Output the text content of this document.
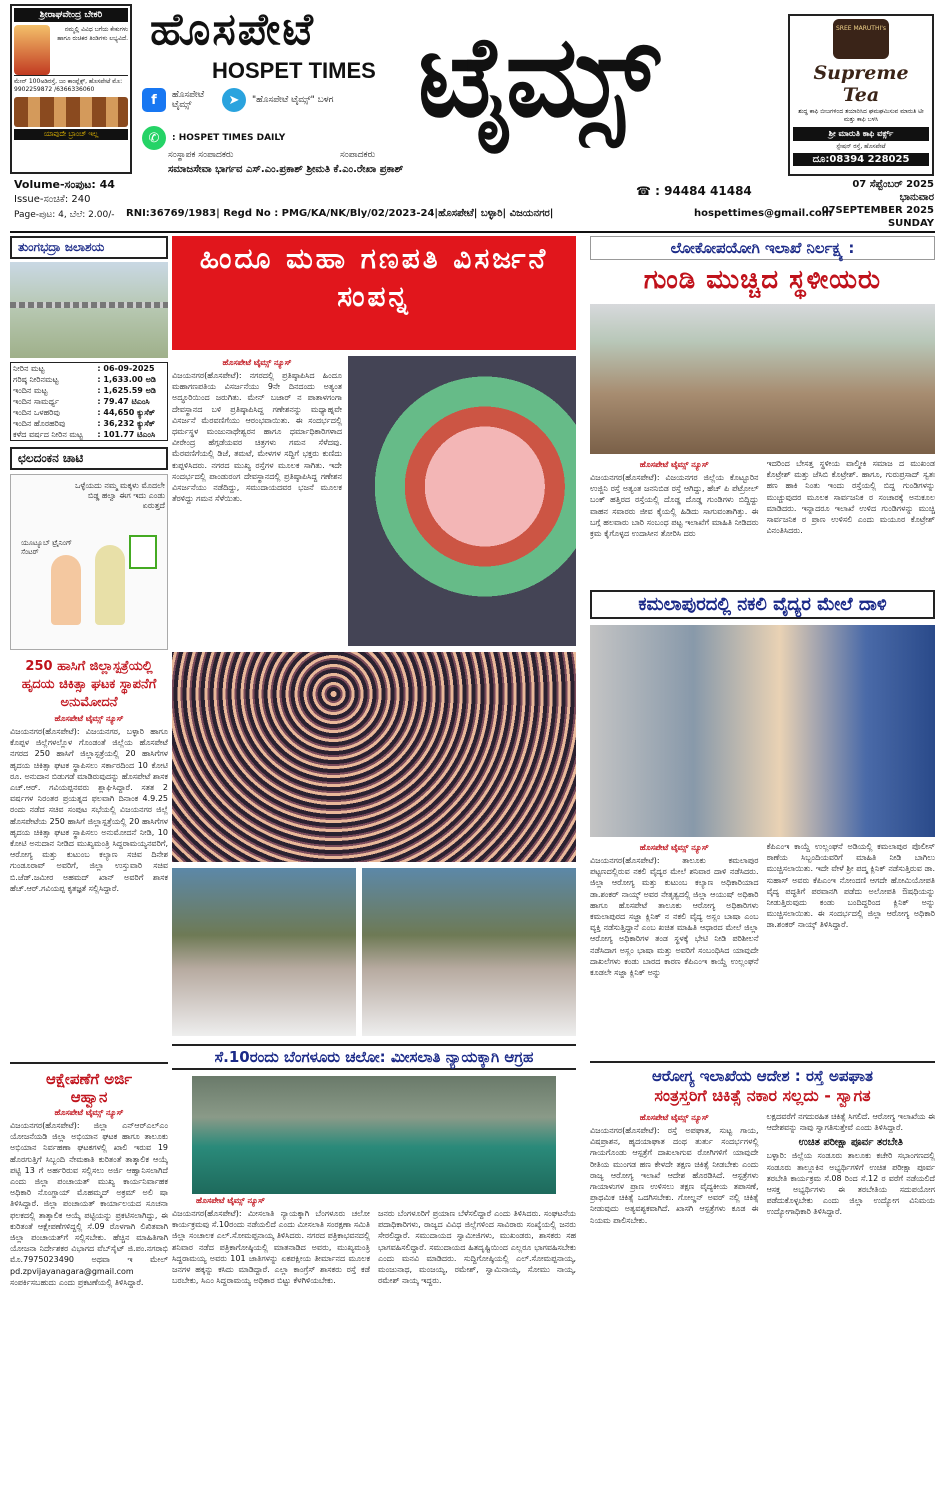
ಶ್ರೀರಾಘವೇಂದ್ರ ಬೇಕರಿ
ನಮ್ಮಲ್ಲಿ ವಿವಿಧ ಬಗೆಯ ಕೇಕುಗಳು ಹಾಗೂ ರುಚಿಕರ ತಿಂಡಿಗಳು ಲಭ್ಯವಿದೆ.
ಮೇನ್ 100ಅಡಿರಸ್ತೆ, ಜಂ ಕಾಂಪ್ಲೆಕ್ಸ್, ಹೊಸಪೇಟೆ ಮೊ: 9902259872 /6366336060
ಯಾವುದೇ ಬ್ರಾಂಚ್ ಇಲ್ಲ
ಹೊಸಪೇಟೆ
HOSPET TIMES ಟೈಮ್ಸ್
f	ಹೊಸಪೇಟೆ ಟೈಮ್ಸ್	➤	"ಹೊಸಪೇಟೆ ಟೈಮ್ಸ್" ಬಳಗ
✆	: HOSPET TIMES DAILY
ಸಂಸ್ಥಾಪಕ ಸಂಪಾದಕರು	ಸಂಪಾದಕರು
ಸಮಾಜಸೇವಾ ಭಾರ್ಗವ ಎಸ್.ಎಂ.ಪ್ರಕಾಶ್ ಶ್ರೀಮತಿ ಕೆ.ಎಂ.ರೇಖಾ ಪ್ರಕಾಶ್
SREE MARUTHI's
Supreme Tea
ಶುದ್ಧ ಕಾಫಿ ಬೀಜಗಳಿಂದ ತಯಾರಿಸಿದ ಘಮಘಮಿಸುವ ಮಾರುತಿ ಟೀ ಮತ್ತು ಕಾಫಿ ಬಳಸಿ
ಶ್ರೀ ಮಾರುತಿ ಕಾಫಿ ವರ್ಕ್ಸ್
ಸ್ಟೇಷನ್ ರಸ್ತೆ, ಹೊಸಪೇಟೆ
ದೂ:08394 228025
Volume-ಸಂಪುಟ: 44
Issue-ಸಂಚಿಕೆ: 240
Page-ಪುಟ: 4, ಬೆಲೆ: 2.00/- RNI:36769/1983| Regd No : PMG/KA/NK/Bly/02/2023-24|ಹೊಸಪೇಟೆ| ಬಳ್ಳಾರಿ| ವಿಜಯನಗರ|
☎ : 94484 41484
hospettimes@gmail.com
07 ಸೆಪ್ಟೆಂಬರ್ 2025
ಭಾನುವಾರ
07SEPTEMBER 2025
SUNDAY
ತುಂಗಭದ್ರಾ ಜಲಾಶಯ
ನೀರಿನ ಮಟ್ಟ	: 06-09-2025
ಗರಿಷ್ಠ ನೀರಿನಮಟ್ಟ	: 1,633.00 ಅಡಿ
ಇಂದಿನ ಮಟ್ಟ	: 1,625.59 ಅಡಿ
ಇಂದಿನ ಸಾಮರ್ಥ್ಯ	: 79.47 ಟಿಎಂಸಿ
ಇಂದಿನ ಒಳಹರಿವು	: 44,650 ಕ್ಯುಸೆಕ್
ಇಂದಿನ ಹೊರಹರಿವು	: 36,232 ಕ್ಯುಸೆಕ್
ಕಳೆದ ವರ್ಷದ ನೀರಿನ ಮಟ್ಟ	: 101.77 ಟಿಎಂಸಿ
ಛಲದಂಕನ ಚಾಟಿ
ಒಳ್ಳೆಯದು ನಮ್ಮ ಮಕ್ಕಳು ಮೊದಲೇ ಬಿಡ್ಡ ಹಲ್ವಾ ಈಗ ಇದು ಎಂಡು ಏರುತ್ತದೆ
ಯೂಟ್ಯೂಬ್ ಟ್ರೈನಿಂಗ್ ಸೆಂಟರ್
250 ಹಾಸಿಗೆ ಜಿಲ್ಲಾಸ್ಪತ್ರೆಯಲ್ಲಿ ಹೃದಯ ಚಿಕಿತ್ಸಾ ಘಟಕ ಸ್ಥಾಪನೆಗೆ ಅನುಮೋದನೆ
ಹೊಸಪೇಟೆ ಟೈಮ್ಸ್ ನ್ಯೂಸ್
ವಿಜಯನಗರ(ಹೊಸಪೇಟೆ): ವಿಜಯನಗರ, ಬಳ್ಳಾರಿ ಹಾಗೂ ಕೊಪ್ಪಳ ಜಿಲ್ಲೆಗಳಲ್ಲೊಳ ಗೊಂಡಂತೆ ಜಿಲ್ಲೆಯ ಹೊಸಪೇಟೆ ನಗರದ 250 ಹಾಸಿಗೆ ಜಿಲ್ಲಾಸ್ಪತ್ರೆಯಲ್ಲಿ 20 ಹಾಸಿಗೆಗಳ ಹೃದಯ ಚಿಕಿತ್ಸಾ ಘಟಕ ಸ್ಥಾಪಿಸಲು ಸರ್ಕಾರದಿಂದ 10 ಕೋಟಿ ರೂ. ಅನುದಾನ ಬಿಡುಗಡೆ ಮಾಡಿರುವುದನ್ನು ಹೊಸಪೇಟೆ ಶಾಸಕ ಎಚ್.ಆರ್. ಗವಿಯಪ್ಪನವರು ಶ್ಲಾಘಿಸಿದ್ದಾರೆ. ಸತತ 2 ವರ್ಷಗಳ ನಿರಂತರ ಪ್ರಯತ್ನದ ಫಲವಾಗಿ ದಿನಾಂಕ 4.9.25 ರಂದು ನಡೆದ ಸಚಿವ ಸಂಪುಟ ಸಭೆಯಲ್ಲಿ ವಿಜಯನಗರ ಜಿಲ್ಲೆ ಹೊಸಪೇಟೆಯ 250 ಹಾಸಿಗೆ ಜಿಲ್ಲಾಸ್ಪತ್ರೆಯಲ್ಲಿ 20 ಹಾಸಿಗೆಗಳ ಹೃದಯ ಚಿಕಿತ್ಸಾ ಘಟಕ ಸ್ಥಾಪಿಸಲು ಅನುಮೋದನೆ ನೀಡಿ, 10 ಕೋಟಿ ಅನುದಾನ ನೀಡಿದ ಮುಖ್ಯಮಂತ್ರಿ ಸಿದ್ದರಾಮಯ್ಯನವರಿಗೆ, ಆರೋಗ್ಯ ಮತ್ತು ಕುಟುಂಬ ಕಲ್ಯಾಣ ಸಚಿವ ದಿನೇಶ ಗುಂಡೂರಾವ್ ಅವರಿಗೆ, ಜಿಲ್ಲಾ ಉಸ್ತುವಾರಿ ಸಚಿವ ಬಿ.ಜೆಡ್.ಜಮೀರ ಅಹಮದ್ ಖಾನ್ ಅವರಿಗೆ ಶಾಸಕ ಹೆಚ್.ಆರ್.ಗವಿಯಪ್ಪ ಕೃತಜ್ಞತೆ ಸಲ್ಲಿಸಿದ್ದಾರೆ.
ಆಕ್ಷೇಪಣೆಗೆ ಅರ್ಜಿ ಆಹ್ವಾನ
ಹೊಸಪೇಟೆ ಟೈಮ್ಸ್ ನ್ಯೂಸ್
ವಿಜಯನಗರ(ಹೊಸಪೇಟೆ): ಜಿಲ್ಲಾ ಎನ್‌ಆರ್‌ಎಲ್‌ಎಂ ಯೋಜನೆಯಡಿ ಜಿಲ್ಲಾ ಅಭಿಯಾನ ಘಟಕ ಹಾಗೂ ತಾಲೂಕು ಅಭಿಯಾನ ನಿರ್ವಹಣಾ ಘಟಕಗಳಲ್ಲಿ ಖಾಲಿ ಇರುವ 19 ಹೊರಗುತ್ತಿಗೆ ಸಿಬ್ಬಂದಿ ನೇಮಕಾತಿ ಕುರಿತಂತೆ ತಾತ್ಕಾಲಿಕ ಆಯ್ಕೆ ಪಟ್ಟಿ 13 ಗೆ ಅರ್ಹರಿರುವ ಸಲ್ಲಿಸಲು ಅರ್ಜಿ ಆಹ್ವಾನಿಸಲಾಗಿದೆ ಎಂದು ಜಿಲ್ಲಾ ಪಂಚಾಯತ್ ಮುಖ್ಯ ಕಾರ್ಯನಿರ್ವಾಹಕ ಅಧಿಕಾರಿ ನೊಂಗ್ಜಾಯ್ ಮೊಹಮ್ಮದ್ ಅಕ್ರಮ್ ಅಲಿ ಷಾ ತಿಳಿಸಿದ್ದಾರೆ. ಜಿಲ್ಲಾ ಪಂಚಾಯತ್ ಕಾರ್ಯಾಲಯದ ಸೂಚನಾ ಫಲಕದಲ್ಲಿ ತಾತ್ಕಾಲಿಕ ಆಯ್ಕೆ ಪಟ್ಟಿಯನ್ನು ಪ್ರಕಟಿಸಲಾಗಿದ್ದು, ಈ ಕುರಿತಂತೆ ಆಕ್ಷೇಪಣೆಗಳಿದ್ದಲ್ಲಿ ಸೆ.09 ರೊಳಗಾಗಿ ಲಿಖಿತವಾಗಿ ಜಿಲ್ಲಾ ಪಂಚಾಯತ್‌ಗೆ ಸಲ್ಲಿಸಬೇಕು. ಹೆಚ್ಚಿನ ಮಾಹಿತಿಗಾಗಿ ಯೋಜನಾ ನಿರ್ದೇಶಕರ ವಿಭಾಗದ ವೆಬ್‌ಸೈಟ್ ಜಿ.ಪಂ.ನಗರಾಭಿ ಮೊ.7975023490 ಅಥವಾ ಇ ಮೇಲ್ pd.zpvijayanagara@gmail.com ಸಂಪರ್ಕಿಸಬಹುದು ಎಂದು ಪ್ರಕಟಣೆಯಲ್ಲಿ ತಿಳಿಸಿದ್ದಾರೆ.
ಹಿಂದೂ ಮಹಾ ಗಣಪತಿ ವಿಸರ್ಜನೆ ಸಂಪನ್ನ
ಹೊಸಪೇಟೆ ಟೈಮ್ಸ್ ನ್ಯೂಸ್
ವಿಜಯನಗರ(ಹೊಸಪೇಟೆ): ನಗರದಲ್ಲಿ ಪ್ರತಿಷ್ಠಾಪಿಸಿದ ಹಿಂದೂ ಮಹಾಗಣಪತಿಯ ವಿಸರ್ಜನೆಯು 9ನೇ ದಿನದಂದು ಅತ್ಯಂತ ಅದ್ಧೂರಿಯಿಂದ ಜರುಗಿತು. ಮೇನ್ ಬಜಾರ್ ನ ಪಾತಾಳಗಂಗಾ ದೇವಸ್ಥಾನದ ಬಳಿ ಪ್ರತಿಷ್ಠಾಪಿಸಿದ್ದ ಗಣೇಶನನ್ನು ಮಧ್ಯಾಹ್ನವೇ ವಿಸರ್ಜನೆ ಮೆರವಣಿಗೆಯು ಆರಂಭವಾಯಿತು. ಈ ಸಂದರ್ಭದಲ್ಲಿ ಧರ್ಮಸ್ಥಳ ಮಂಜುನಾಥೇಶ್ವರನ ಹಾಗೂ ಧರ್ಮಾಧಿಕಾರಿಗಳಾದ ವೀರೇಂದ್ರ ಹೆಗ್ಗಡೆಯವರ ಚಿತ್ರಗಳು ಗಮನ ಸೆಳೆದವು. ಮೆರವಣಿಗೆಯಲ್ಲಿ ಡಿಜೆ, ತಮಟೆ, ಮೇಳಗಳ ಸದ್ದಿಗೆ ಭಕ್ತರು ಕುಣಿದು ಕುಪ್ಪಳಿಸಿದರು. ನಗರದ ಮುಖ್ಯ ರಸ್ತೆಗಳ ಮೂಲಕ ಸಾಗಿತು. ಇದೇ ಸಂದರ್ಭದಲ್ಲಿ ಪಾಂಡುರಂಗ ದೇವಸ್ಥಾನದಲ್ಲಿ ಪ್ರತಿಷ್ಠಾಪಿಸಿದ್ದ ಗಣೇಶನ ವಿಸರ್ಜನೆಯು ನಡೆದಿದ್ದು, ಸಮುದಾಯದವರ ಭಜನೆ ಮೂಲಕ ತೆರಳಿದ್ದು ಗಮನ ಸೆಳೆಯಿತು.
ಸೆ.10ರಂದು ಬೆಂಗಳೂರು ಚಲೋ: ಮೀಸಲಾತಿ ನ್ಯಾಯಕ್ಕಾಗಿ ಆಗ್ರಹ
ಹೊಸಪೇಟೆ ಟೈಮ್ಸ್ ನ್ಯೂಸ್
ವಿಜಯನಗರ(ಹೊಸಪೇಟೆ): ಮೀಸಲಾತಿ ನ್ಯಾಯಕ್ಕಾಗಿ ಬೆಂಗಳೂರು ಚಲೋ ಕಾರ್ಯಕ್ರಮವು ಸೆ.10ರಂದು ನಡೆಯಲಿದೆ ಎಂದು ಮೀಸಲಾತಿ ಸಂರಕ್ಷಣಾ ಸಮಿತಿ ಜಿಲ್ಲಾ ಸಂಚಾಲಕ ಎಲ್.ಸೋಮಪ್ಪನಾಯ್ಕ ತಿಳಿಸಿದರು. ನಗರದ ಪತ್ರಿಕಾಭವನದಲ್ಲಿ ಶನಿವಾರ ನಡೆದ ಪತ್ರಿಕಾಗೋಷ್ಠಿಯಲ್ಲಿ ಮಾತನಾಡಿದ ಅವರು, ಮುಖ್ಯಮಂತ್ರಿ ಸಿದ್ದರಾಮಯ್ಯ ಅವರು 101 ಜಾತಿಗಳನ್ನು ಏಕಪಕ್ಷೀಯ ತೀರ್ಮಾನದ ಮೂಲಕ ಜನಗಳ ಹಕ್ಕನ್ನು ಕಸಿದು ಮಾಡಿದ್ದಾರೆ. ಎಲ್ಲಾ ಕಾಂಗ್ರೆಸ್ ಶಾಸಕರು ರಸ್ತೆ ಕಡೆ ಬರಬೇಕು, ಸಿಎಂ ಸಿದ್ದರಾಮಯ್ಯ ಅಧಿಕಾರ ಬಿಟ್ಟು ಕೆಳಗಿಳಿಯಬೇಕು.
ಜನರು ಬೆಂಗಳೂರಿಗೆ ಪ್ರಯಾಣ ಬೆಳೆಸಲಿದ್ದಾರೆ ಎಂದು ತಿಳಿಸಿದರು. ಸಂಘಟನೆಯ ಪದಾಧಿಕಾರಿಗಳು, ರಾಜ್ಯದ ವಿವಿಧ ಜಿಲ್ಲೆಗಳಿಂದ ಸಾವಿರಾರು ಸಂಖ್ಯೆಯಲ್ಲಿ ಜನರು ಸೇರಲಿದ್ದಾರೆ. ಸಮುದಾಯದ ಸ್ವಾಮೀಜಿಗಳು, ಮುಖಂಡರು, ಶಾಸಕರು ಸಹ ಭಾಗವಹಿಸಲಿದ್ದಾರೆ. ಸಮುದಾಯದ ಹಿತದೃಷ್ಟಿಯಿಂದ ಎಲ್ಲರೂ ಭಾಗವಹಿಸಬೇಕು ಎಂದು ಮನವಿ ಮಾಡಿದರು. ಸುದ್ದಿಗೋಷ್ಠಿಯಲ್ಲಿ ಎಲ್.ಸೋಮಪ್ಪನಾಯ್ಕ, ಮಂಜುನಾಥ, ಮಂಜಯ್ಯ, ರಮೇಶ್, ಸ್ವಾಮಿನಾಯ್ಕ, ಸೋಮು ನಾಯ್ಕ, ರಮೇಶ್ ನಾಯ್ಕ ಇದ್ದರು.
ಲೋಕೋಪಯೋಗಿ ಇಲಾಖೆ ನಿರ್ಲಕ್ಷ್ಯ :
ಗುಂಡಿ ಮುಚ್ಚಿದ ಸ್ಥಳೀಯರು
ಹೊಸಪೇಟೆ ಟೈಮ್ಸ್ ನ್ಯೂಸ್
ವಿಜಯನಗರ(ಹೊಸಪೇಟೆ): ವಿಜಯನಗರ ಜಿಲ್ಲೆಯ ಕೊಟ್ಟೂರಿನ ಉಜ್ಜಿನಿ ರಸ್ತೆ ಅತ್ಯಂತ ಜನನಿಬಿಡ ರಸ್ತೆ ಆಗಿದ್ದು, ಹೆಚ್ ಪಿ ಪೆಟ್ರೋಲ್ ಬಂಕ್ ಹತ್ತಿರದ ರಸ್ತೆಯಲ್ಲಿ ದೊಡ್ಡ ದೊಡ್ಡ ಗುಂಡಿಗಳು ಬಿದ್ದಿದ್ದು ವಾಹನ ಸವಾರರು ಜೀವ ಕೈಯಲ್ಲಿ ಹಿಡಿದು ಸಾಗುವಂತಾಗಿತ್ತು. ಈ ಬಗ್ಗೆ ಹಲವಾರು ಬಾರಿ ಸಂಬಂಧ ಪಟ್ಟ ಇಲಾಖೆಗೆ ಮಾಹಿತಿ ನೀಡಿದರು ಕ್ರಮ ಕೈಗೊಳ್ಳದ ಉದಾಸೀನ ತೋರಿಸಿ ದರು
ಇದರಿಂದ ಬೇಸತ್ತ ಸ್ಥಳೀಯ ವಾಲ್ಮೀಕಿ ಸಮಾಜ ದ ಮುಖಂಡ ಕೊಟ್ರೇಶ್ ಮತ್ತು ಜೆಸಿಬಿ ಕೊಟ್ರೇಶ್. ಹಾಗೂ, ಗುರುಪ್ರಸಾದ್ ಸ್ವತಃ ಹಣ ಹಾಕಿ ನಿಂತು ಇಂದು ರಸ್ತೆಯಲ್ಲಿ ಬಿದ್ದ ಗುಂಡಿಗಳನ್ನು ಮುಚ್ಚುವುದರ ಮೂಲಕ ಸಾರ್ವಜನಿಕ ರ ಸಂಚಾರಕ್ಕೆ ಅನುಕೂಲ ಮಾಡಿದರು. ಇನ್ನಾದರೂ ಇಲಾಖೆ ಉಳಿದ ಗುಂಡಿಗಳನ್ನು ಮುಚ್ಚಿ ಸಾರ್ವಜನಿಕ ರ ಪ್ರಾಣ ಉಳಿಸಲಿ ಎಂದು ಮಯೂರ ಕೊಟ್ರೇಶ್ ವಿನಂತಿಸಿದರು.
ಕಮಲಾಪುರದಲ್ಲಿ ನಕಲಿ ವೈದ್ಯರ ಮೇಲೆ ದಾಳಿ
ಹೊಸಪೇಟೆ ಟೈಮ್ಸ್ ನ್ಯೂಸ್
ವಿಜಯನಗರ(ಹೊಸಪೇಟೆ): ತಾಲೂಕು ಕಮಲಾಪುರ ಪಟ್ಟಣದಲ್ಲಿರುವ ನಕಲಿ ವೈದ್ಯರ ಮೇಲೆ ಶನಿವಾರ ದಾಳಿ ನಡೆಸಿದರು. ಜಿಲ್ಲಾ ಆರೋಗ್ಯ ಮತ್ತು ಕುಟುಂಬ ಕಲ್ಯಾಣ ಅಧಿಕಾರಿಯಾದ ಡಾ.ಶಂಕರ್ ನಾಯ್ಕ್ ಅವರ ನೇತೃತ್ವದಲ್ಲಿ ಜಿಲ್ಲಾ ಆಯುಷ್ ಅಧಿಕಾರಿ ಹಾಗೂ ಹೊಸಪೇಟೆ ತಾಲೂಕು ಆರೋಗ್ಯ ಅಧಿಕಾರಿಗಳು ಕಮಲಾಪುರದ ಸಜ್ಜಾ ಕ್ಲಿನಿಕ್ ನ ನಕಲಿ ವೈದ್ಯ ಅಸ್ಲಂ ಬಾಷಾ ಎಂಬ ವ್ಯಕ್ತಿ ನಡೆಸುತ್ತಿದ್ದಾನೆ ಎಂಬ ಖಚಿತ ಮಾಹಿತಿ ಆಧಾರದ ಮೇಲೆ ಜಿಲ್ಲಾ ಆರೋಗ್ಯ ಅಧಿಕಾರಿಗಳ ತಂಡ ಸ್ಥಳಕ್ಕೆ ಭೇಟಿ ನೀಡಿ ಪರಿಶೀಲನೆ ನಡೆಸಿದಾಗ ಅಸ್ಲಂ ಭಾಷಾ ಮತ್ತು ಅವರಿಗೆ ಸಂಬಂಧಿಸಿದ ಯಾವುದೇ ದಾಖಲೆಗಳು ಕಂಡು ಬಾರದ ಕಾರಣ ಕೆಪಿಎಂಇ ಕಾಯ್ದೆ ಉಲ್ಲಂಘನೆ ಕೂಡಲೇ ಸಜ್ಜಾ ಕ್ಲಿನಿಕ್ ಅನ್ನು
ಕೆಪಿಎಂಇ ಕಾಯ್ದೆ ಉಲ್ಲಂಘನೆ ಅಡಿಯಲ್ಲಿ ಕಮಲಾಪುರ ಪೊಲೀಸ್ ಠಾಣೆಯ ಸಿಬ್ಬಂದಿಯವರಿಗೆ ಮಾಹಿತಿ ನೀಡಿ ಬಾಗಿಲು ಮುಚ್ಚಿಸಲಾಯಿತು. ಇದೇ ವೇಳೆ ಶ್ರೀ ಪದ್ಮ ಕ್ಲಿನಿಕ್ ನಡೆಸುತ್ತಿರುವ ಡಾ. ಸುಹಾಸ್ ಅವರು ಕೆಪಿಎಂಇ ನೋಂದಣಿ ಆಗದೇ ಹೋಮಿಯೋಪತಿ ವೈದ್ಯ ಪದ್ಧತಿಗೆ ಪರವಾನಗಿ ಪಡೆದು ಅಲೋಪತಿ ಔಷಧಿಯನ್ನು ನೀಡುತ್ತಿರುವುದು ಕಂಡು ಬಂದಿದ್ದರಿಂದ ಕ್ಲಿನಿಕ್ ಅನ್ನು ಮುಚ್ಚಿಸಲಾಯಿತು. ಈ ಸಂದರ್ಭದಲ್ಲಿ ಜಿಲ್ಲಾ ಆರೋಗ್ಯ ಅಧಿಕಾರಿ ಡಾ.ಶಂಕರ್ ನಾಯ್ಕ್ ತಿಳಿಸಿದ್ದಾರೆ.
ಆರೋಗ್ಯ ಇಲಾಖೆಯ ಆದೇಶ : ರಸ್ತೆ ಅಪಘಾತ
ಸಂತ್ರಸ್ತರಿಗೆ ಚಿಕಿತ್ಸೆ ನಕಾರ ಸಲ್ಲದು - ಸ್ವಾಗತ
ಹೊಸಪೇಟೆ ಟೈಮ್ಸ್ ನ್ಯೂಸ್
ವಿಜಯನಗರ(ಹೊಸಪೇಟೆ): ರಸ್ತೆ ಅಪಘಾತ, ಸುಟ್ಟ ಗಾಯ, ವಿಷಪ್ರಾಶನ, ಹೃದಯಾಘಾತ ದಂಥ ತುರ್ತು ಸಂದರ್ಭಗಳಲ್ಲಿ ಗಾಯಗೊಂಡು ಆಸ್ಪತ್ರೆಗೆ ದಾಖಲಾಗುವ ರೋಗಿಗಳಿಗೆ ಯಾವುದೇ ರೀತಿಯ ಮುಂಗಡ ಹಣ ಕೇಳದೇ ತಕ್ಷಣ ಚಿಕಿತ್ಸೆ ನೀಡಬೇಕು ಎಂದು ರಾಜ್ಯ ಆರೋಗ್ಯ ಇಲಾಖೆ ಆದೇಶ ಹೊರಡಿಸಿದೆ. ಆಸ್ಪತ್ರೆಗಳು ಗಾಯಾಳುಗಳ ಪ್ರಾಣ ಉಳಿಸಲು ತಕ್ಷಣ ವೈದ್ಯಕೀಯ ತಪಾಸಣೆ, ಪ್ರಾಥಮಿಕ ಚಿಕಿತ್ಸೆ ಒದಗಿಸಬೇಕು. ಗೋಲ್ಡನ್ ಅವರ್ ನಲ್ಲಿ ಚಿಕಿತ್ಸೆ ನೀಡುವುದು ಅತ್ಯವಶ್ಯಕವಾಗಿದೆ. ಖಾಸಗಿ ಆಸ್ಪತ್ರೆಗಳು ಕೂಡ ಈ ನಿಯಮ ಪಾಲಿಸಬೇಕು.
ಲಕ್ಷದವರೆಗೆ ನಗದುರಹಿತ ಚಿಕಿತ್ಸೆ ಸಿಗಲಿದೆ. ಆರೋಗ್ಯ ಇಲಾಖೆಯ ಈ ಆದೇಶವನ್ನು ನಾವು ಸ್ವಾಗತಿಸುತ್ತೇವೆ ಎಂದು ತಿಳಿಸಿದ್ದಾರೆ.
ಉಚಿತ ಪರೀಕ್ಷಾ ಪೂರ್ವ ತರಬೇತಿ
ಬಳ್ಳಾರಿ: ಜಿಲ್ಲೆಯ ಸಂಡೂರು ತಾಲೂಕು ಕಚೇರಿ ಸಭಾಂಗಣದಲ್ಲಿ ಸಂಡೂರು ತಾಲ್ಲೂಕಿನ ಅಭ್ಯರ್ಥಿಗಳಿಗೆ ಉಚಿತ ಪರೀಕ್ಷಾ ಪೂರ್ವ ತರಬೇತಿ ಕಾರ್ಯಕ್ರಮ ಸೆ.08 ರಿಂದ ಸೆ.12 ರ ವರೆಗೆ ನಡೆಯಲಿದೆ ಆಸಕ್ತ ಅಭ್ಯರ್ಥಿಗಳು ಈ ತರಬೇತಿಯ ಸದುಪಯೋಗ ಪಡೆದುಕೊಳ್ಳಬೇಕು ಎಂದು ಜಿಲ್ಲಾ ಉದ್ಯೋಗ ವಿನಿಮಯ ಉದ್ಯೋಗಾಧಿಕಾರಿ ತಿಳಿಸಿದ್ದಾರೆ.
